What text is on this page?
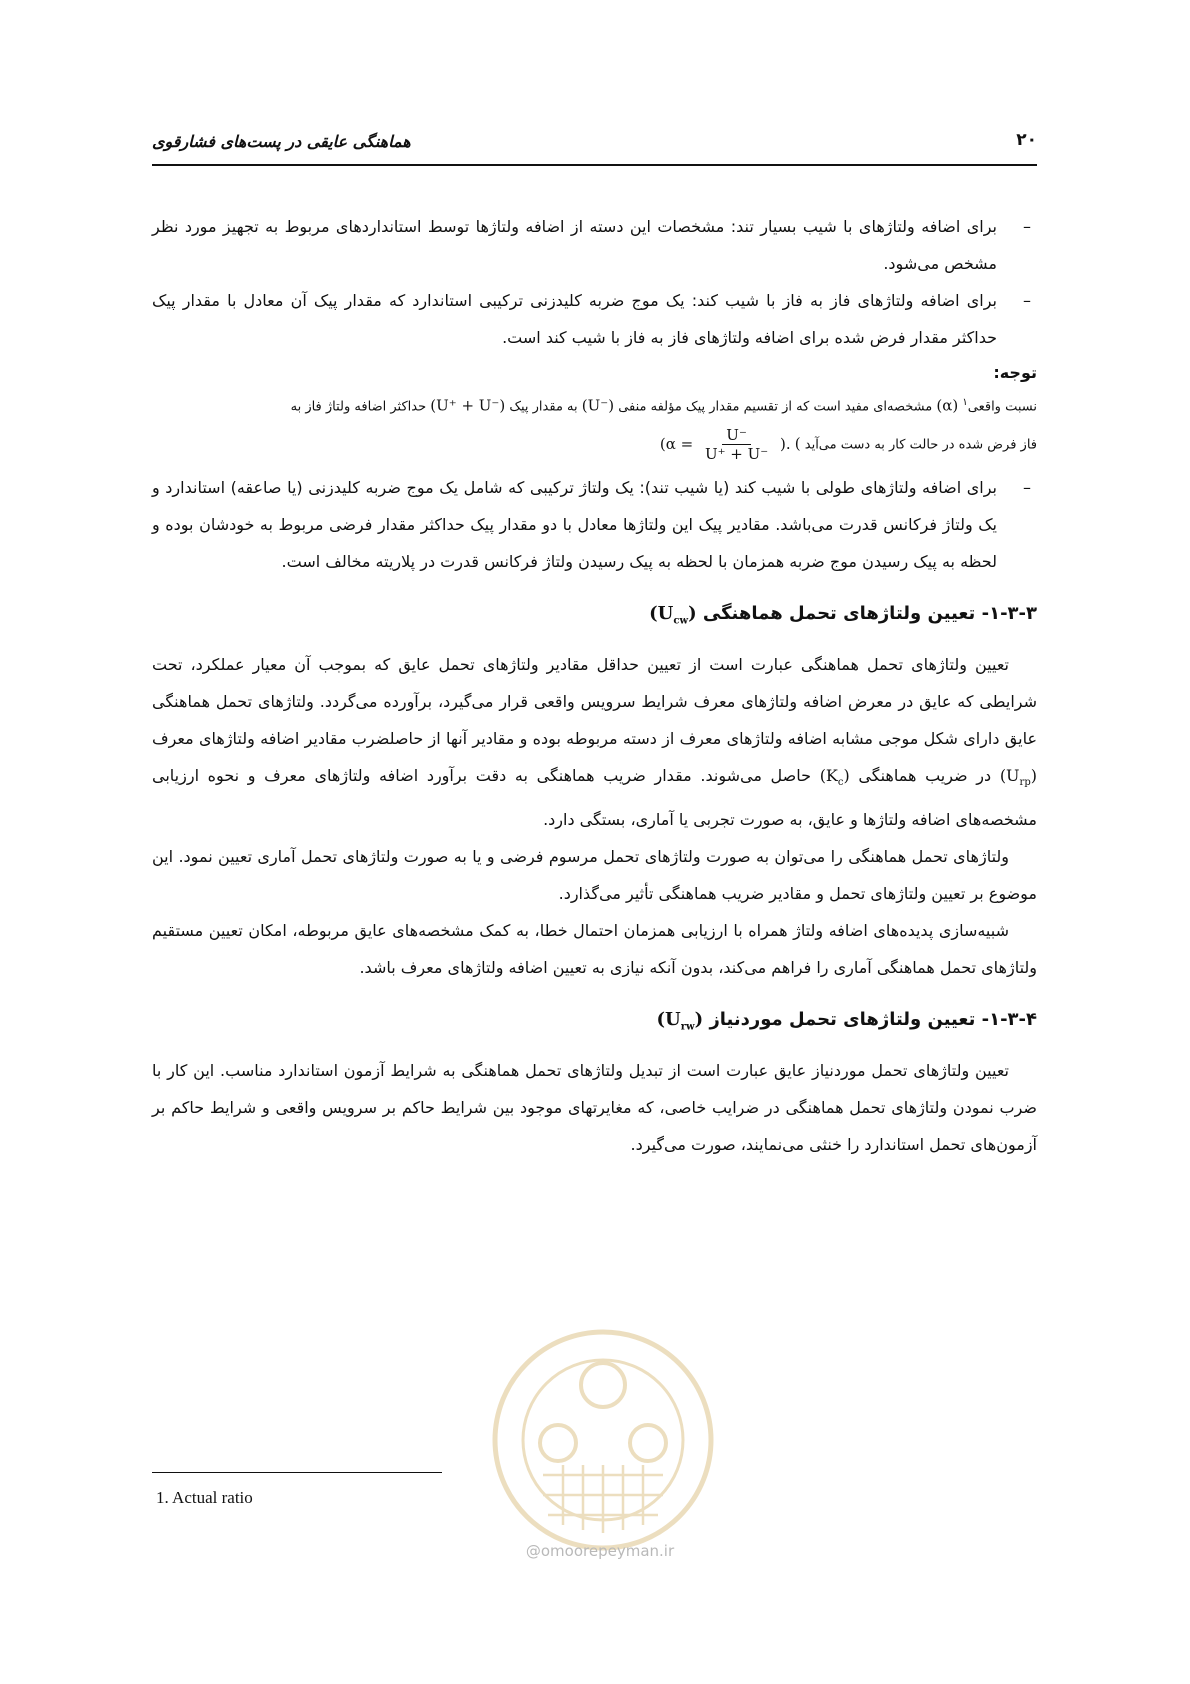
هماهنگی عایقی در پست‌های فشارقوی	۲۰

–
برای اضافه ولتاژهای با شیب بسیار تند: مشخصات این دسته از اضافه ولتاژها توسط استانداردهای مربوط به تجهیز مورد نظر مشخص می‌شود.

–
برای اضافه ولتاژهای فاز به فاز با شیب کند: یک موج ضربه کلیدزنی ترکیبی استاندارد که مقدار پیک آن معادل با مقدار پیک حداکثر مقدار فرض شده برای اضافه ولتاژهای فاز به فاز با شیب کند است.

توجه:

نسبت واقعی$^۱$ (α) مشخصه‌ای مفید است که از تقسیم مقدار پیک مؤلفه منفی (U⁻) به مقدار پیک (U⁺ + U⁻) حداکثر اضافه ولتاژ فاز به

فاز فرض شده در حالت کار به دست می‌آید ( ($\alpha = \frac{U^-}{U^+ + U^-}$ ).

–
برای اضافه ولتاژهای طولی با شیب کند (یا شیب تند): یک ولتاژ ترکیبی که شامل یک موج ضربه کلیدزنی (یا صاعقه) استاندارد و یک ولتاژ فرکانس قدرت می‌باشد. مقادیر پیک این ولتاژها معادل با دو مقدار پیک حداکثر مقدار فرضی مربوط به خودشان بوده و لحظه به پیک رسیدن موج ضربه همزمان با لحظه به پیک رسیدن ولتاژ فرکانس قدرت در پلاریته مخالف است.

۱-۳-۳- تعیین ولتاژهای تحمل هماهنگی $(U_{cw})$

تعیین ولتاژهای تحمل هماهنگی عبارت است از تعیین حداقل مقادیر ولتاژهای تحمل عایق که بموجب آن معیار عملکرد، تحت شرایطی که عایق در معرض اضافه ولتاژهای معرف شرایط سرویس واقعی قرار می‌گیرد، برآورده می‌گردد. ولتاژهای تحمل هماهنگی عایق دارای شکل موجی مشابه اضافه ولتاژهای معرف از دسته مربوطه بوده و مقادیر آنها از حاصلضرب مقادیر اضافه ولتاژهای معرف $(U_{rp})$ در ضریب هماهنگی $(K_c)$ حاصل می‌شوند. مقدار ضریب هماهنگی به دقت برآورد اضافه ولتاژهای معرف و نحوه ارزیابی مشخصه‌های اضافه ولتاژها و عایق، به صورت تجربی یا آماری، بستگی دارد.

ولتاژهای تحمل هماهنگی را می‌توان به صورت ولتاژهای تحمل مرسوم فرضی و یا به صورت ولتاژهای تحمل آماری تعیین نمود. این موضوع بر تعیین ولتاژهای تحمل و مقادیر ضریب هماهنگی تأثیر می‌گذارد.

شبیه‌سازی پدیده‌های اضافه ولتاژ همراه با ارزیابی همزمان احتمال خطا، به کمک مشخصه‌های عایق مربوطه، امکان تعیین مستقیم ولتاژهای تحمل هماهنگی آماری را فراهم می‌کند، بدون آنکه نیازی به تعیین اضافه ولتاژهای معرف باشد.

۱-۳-۴- تعیین ولتاژهای تحمل موردنیاز $(U_{rw})$

تعیین ولتاژهای تحمل موردنیاز عایق عبارت است از تبدیل ولتاژهای تحمل هماهنگی به شرایط آزمون استاندارد مناسب. این کار با ضرب نمودن ولتاژهای تحمل هماهنگی در ضرایب خاصی، که مغایرتهای موجود بین شرایط حاکم بر سرویس واقعی و شرایط حاکم بر آزمون‌های تحمل استاندارد را خنثی می‌نمایند، صورت می‌گیرد.

@omoorepeyman.ir
1. Actual ratio
